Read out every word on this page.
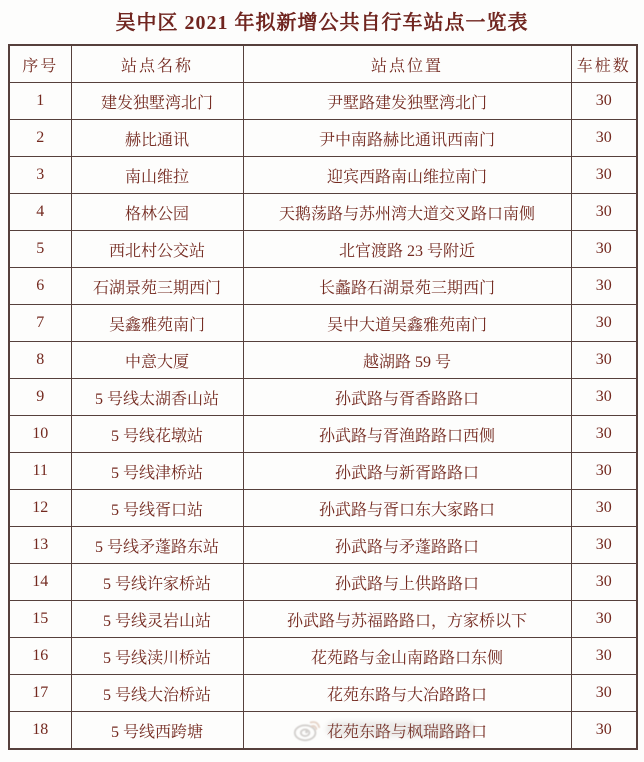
吴中区 2021 年拟新增公共自行车站点一览表
序号	站点名称	站点位置	车桩数
1	建发独墅湾北门	尹墅路建发独墅湾北门	30
2	赫比通讯	尹中南路赫比通讯西南门	30
3	南山维拉	迎宾西路南山维拉南门	30
4	格林公园	天鹅荡路与苏州湾大道交叉路口南侧	30
5	西北村公交站	北官渡路 23 号附近	30
6	石湖景苑三期西门	长蠡路石湖景苑三期西门	30
7	吴鑫雅苑南门	吴中大道吴鑫雅苑南门	30
8	中意大厦	越湖路 59 号	30
9	5 号线太湖香山站	孙武路与胥香路路口	30
10	5 号线花墩站	孙武路与胥渔路路口西侧	30
11	5 号线津桥站	孙武路与新胥路路口	30
12	5 号线胥口站	孙武路与胥口东大家路口	30
13	5 号线矛蓬路东站	孙武路与矛蓬路路口	30
14	5 号线许家桥站	孙武路与上供路路口	30
15	5 号线灵岩山站	孙武路与苏福路路口，方家桥以下	30
16	5 号线渎川桥站	花苑路与金山南路路口东侧	30
17	5 号线大治桥站	花苑东路与大冶路路口	30
18	5 号线西跨塘	花苑东路与枫瑞路路口	30
